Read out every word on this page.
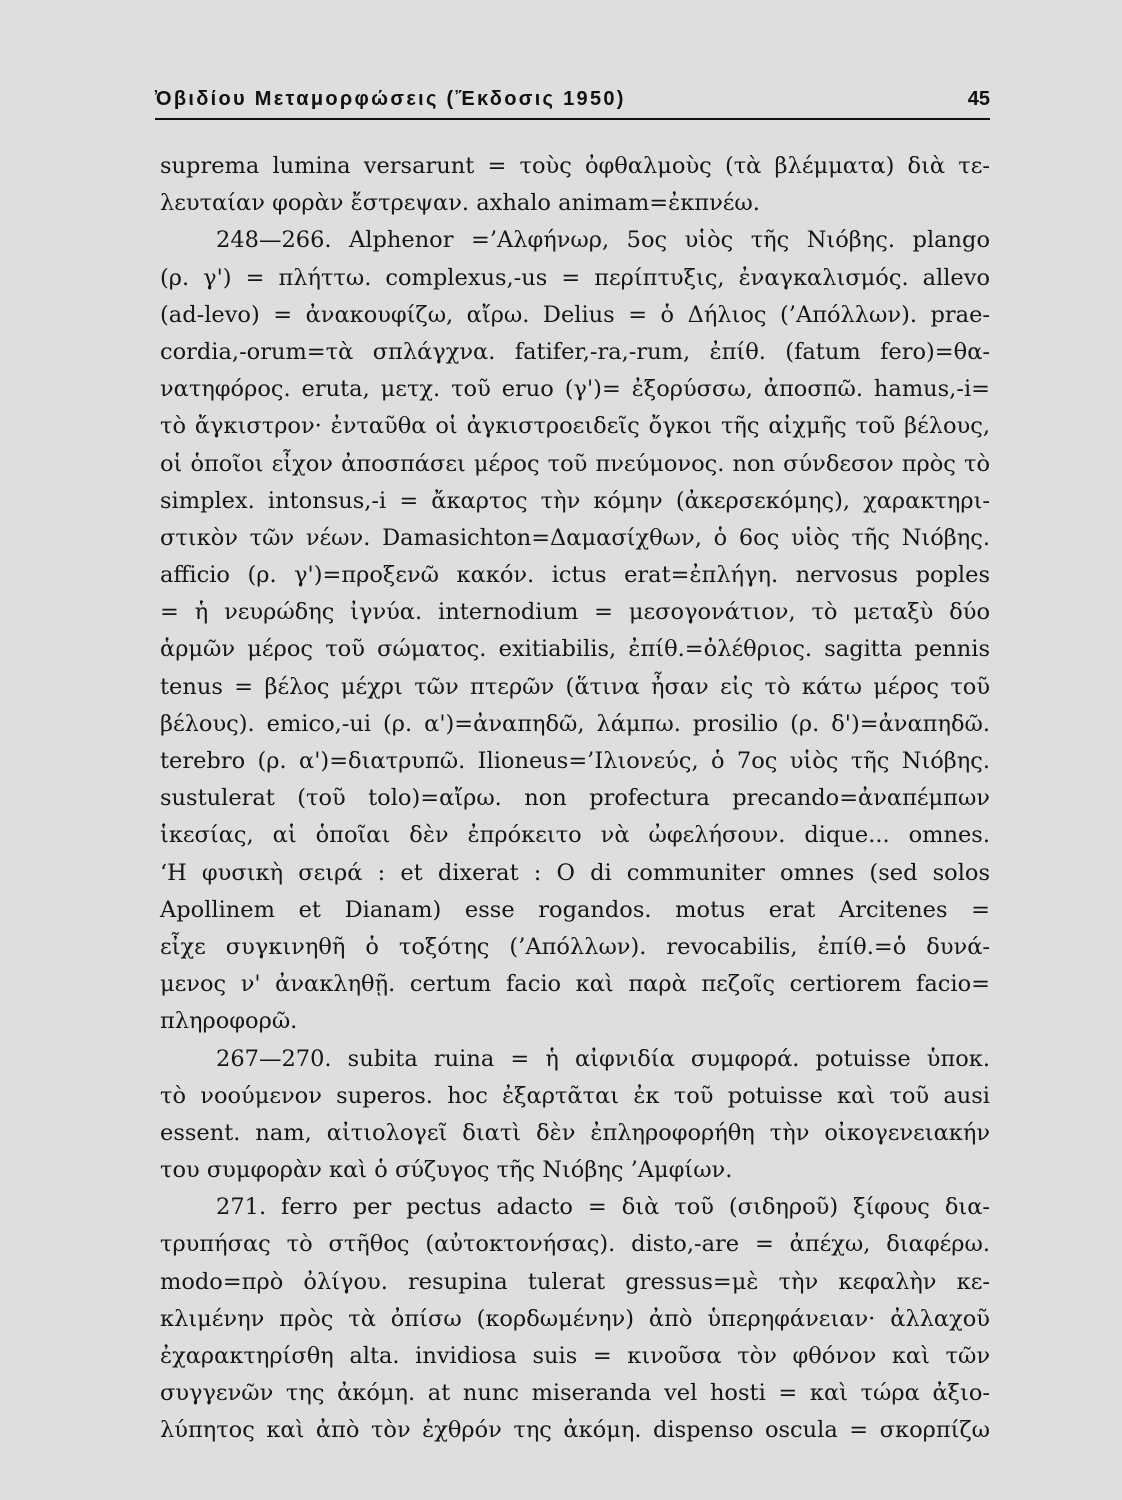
Ὀβιδίου Μεταμορφώσεις (Ἔκδοσις 1950)	45
suprema lumina versarunt = τοὺς ὀφθαλμοὺς (τὰ βλέμματα) διὰ τε-
λευταίαν φορὰν ἔστρεψαν. axhalo animam=ἐκπνέω.
248—266. Alphenor =’Αλφήνωρ, 5ος υἱὸς τῆς Νιόβης. plango
(ρ. γ') = πλήττω. complexus,-us = περίπτυξις, ἐναγκαλισμός. allevo
(ad-levo) = ἀνακουφίζω, αἴρω. Delius = ὁ Δήλιος (’Απόλλων). prae-
cordia,-orum=τὰ σπλάγχνα. fatifer,-ra,-rum, ἐπίθ. (fatum fero)=θα-
νατηφόρος. eruta, μετχ. τοῦ eruo (γ')= ἐξορύσσω, ἀποσπῶ. hamus,-i=
τὸ ἄγκιστρον· ἐνταῦθα οἱ ἀγκιστροειδεῖς ὄγκοι τῆς αἰχμῆς τοῦ βέλους,
οἱ ὁποῖοι εἶχον ἀποσπάσει μέρος τοῦ πνεύμονος. non σύνδεσον πρὸς τὸ
simplex. intonsus,-i = ἄκαρτος τὴν κόμην (ἀκερσεκόμης), χαρακτηρι-
στικὸν τῶν νέων. Damasichton=Δαμασίχθων, ὁ 6ος υἱὸς τῆς Νιόβης.
afficio (ρ. γ')=προξενῶ κακόν. ictus erat=ἐπλήγη. nervosus poples
= ἡ νευρώδης ἰγνύα. internodium = μεσογονάτιον, τὸ μεταξὺ δύο
ἁρμῶν μέρος τοῦ σώματος. exitiabilis, ἐπίθ.=ὀλέθριος. sagitta pennis
tenus = βέλος μέχρι τῶν πτερῶν (ἅτινα ἦσαν εἰς τὸ κάτω μέρος τοῦ
βέλους). emico,-ui (ρ. α')=ἀναπηδῶ, λάμπω. prosilio (ρ. δ')=ἀναπηδῶ.
terebro (ρ. α')=διατρυπῶ. Ilioneus=’Ιλιονεύς, ὁ 7ος υἱὸς τῆς Νιόβης.
sustulerat (τοῦ tolo)=αἴρω. non profectura precando=ἀναπέμπων
ἱκεσίας, αἱ ὁποῖαι δὲν ἐπρόκειτο νὰ ὠφελήσουν. dique... omnes.
‘Η φυσικὴ σειρά : et dixerat : O di communiter omnes (sed solos
Apollinem et Dianam) esse rogandos. motus erat Arcitenes =
εἶχε συγκινηθῆ ὁ τοξότης (’Απόλλων). revocabilis, ἐπίθ.=ὁ δυνά-
μενος ν' ἀνακληθῇ. certum facio καὶ παρὰ πεζοῖς certiorem facio=
πληροφορῶ.
267—270. subita ruina = ἡ αἰφνιδία συμφορά. potuisse ὑποκ.
τὸ νοούμενον superos. hoc ἐξαρτᾶται ἐκ τοῦ potuisse καὶ τοῦ ausi
essent. nam, αἰτιολογεῖ διατὶ δὲν ἐπληροφορήθη τὴν οἰκογενειακήν
του συμφορὰν καὶ ὁ σύζυγος τῆς Νιόβης ’Αμφίων.
271. ferro per pectus adacto = διὰ τοῦ (σιδηροῦ) ξίφους δια-
τρυπήσας τὸ στῆθος (αὐτοκτονήσας). disto,-are = ἀπέχω, διαφέρω.
modo=πρὸ ὀλίγου. resupina tulerat gressus=μὲ τὴν κεφαλὴν κε-
κλιμένην πρὸς τὰ ὀπίσω (κορδωμένην) ἀπὸ ὑπερηφάνειαν· ἀλλαχοῦ
ἐχαρακτηρίσθη alta. invidiosa suis = κινοῦσα τὸν φθόνον καὶ τῶν
συγγενῶν της ἀκόμη. at nunc miseranda vel hosti = καὶ τώρα ἀξιο-
λύπητος καὶ ἀπὸ τὸν ἐχθρόν της ἀκόμη. dispenso oscula = σκορπίζω
